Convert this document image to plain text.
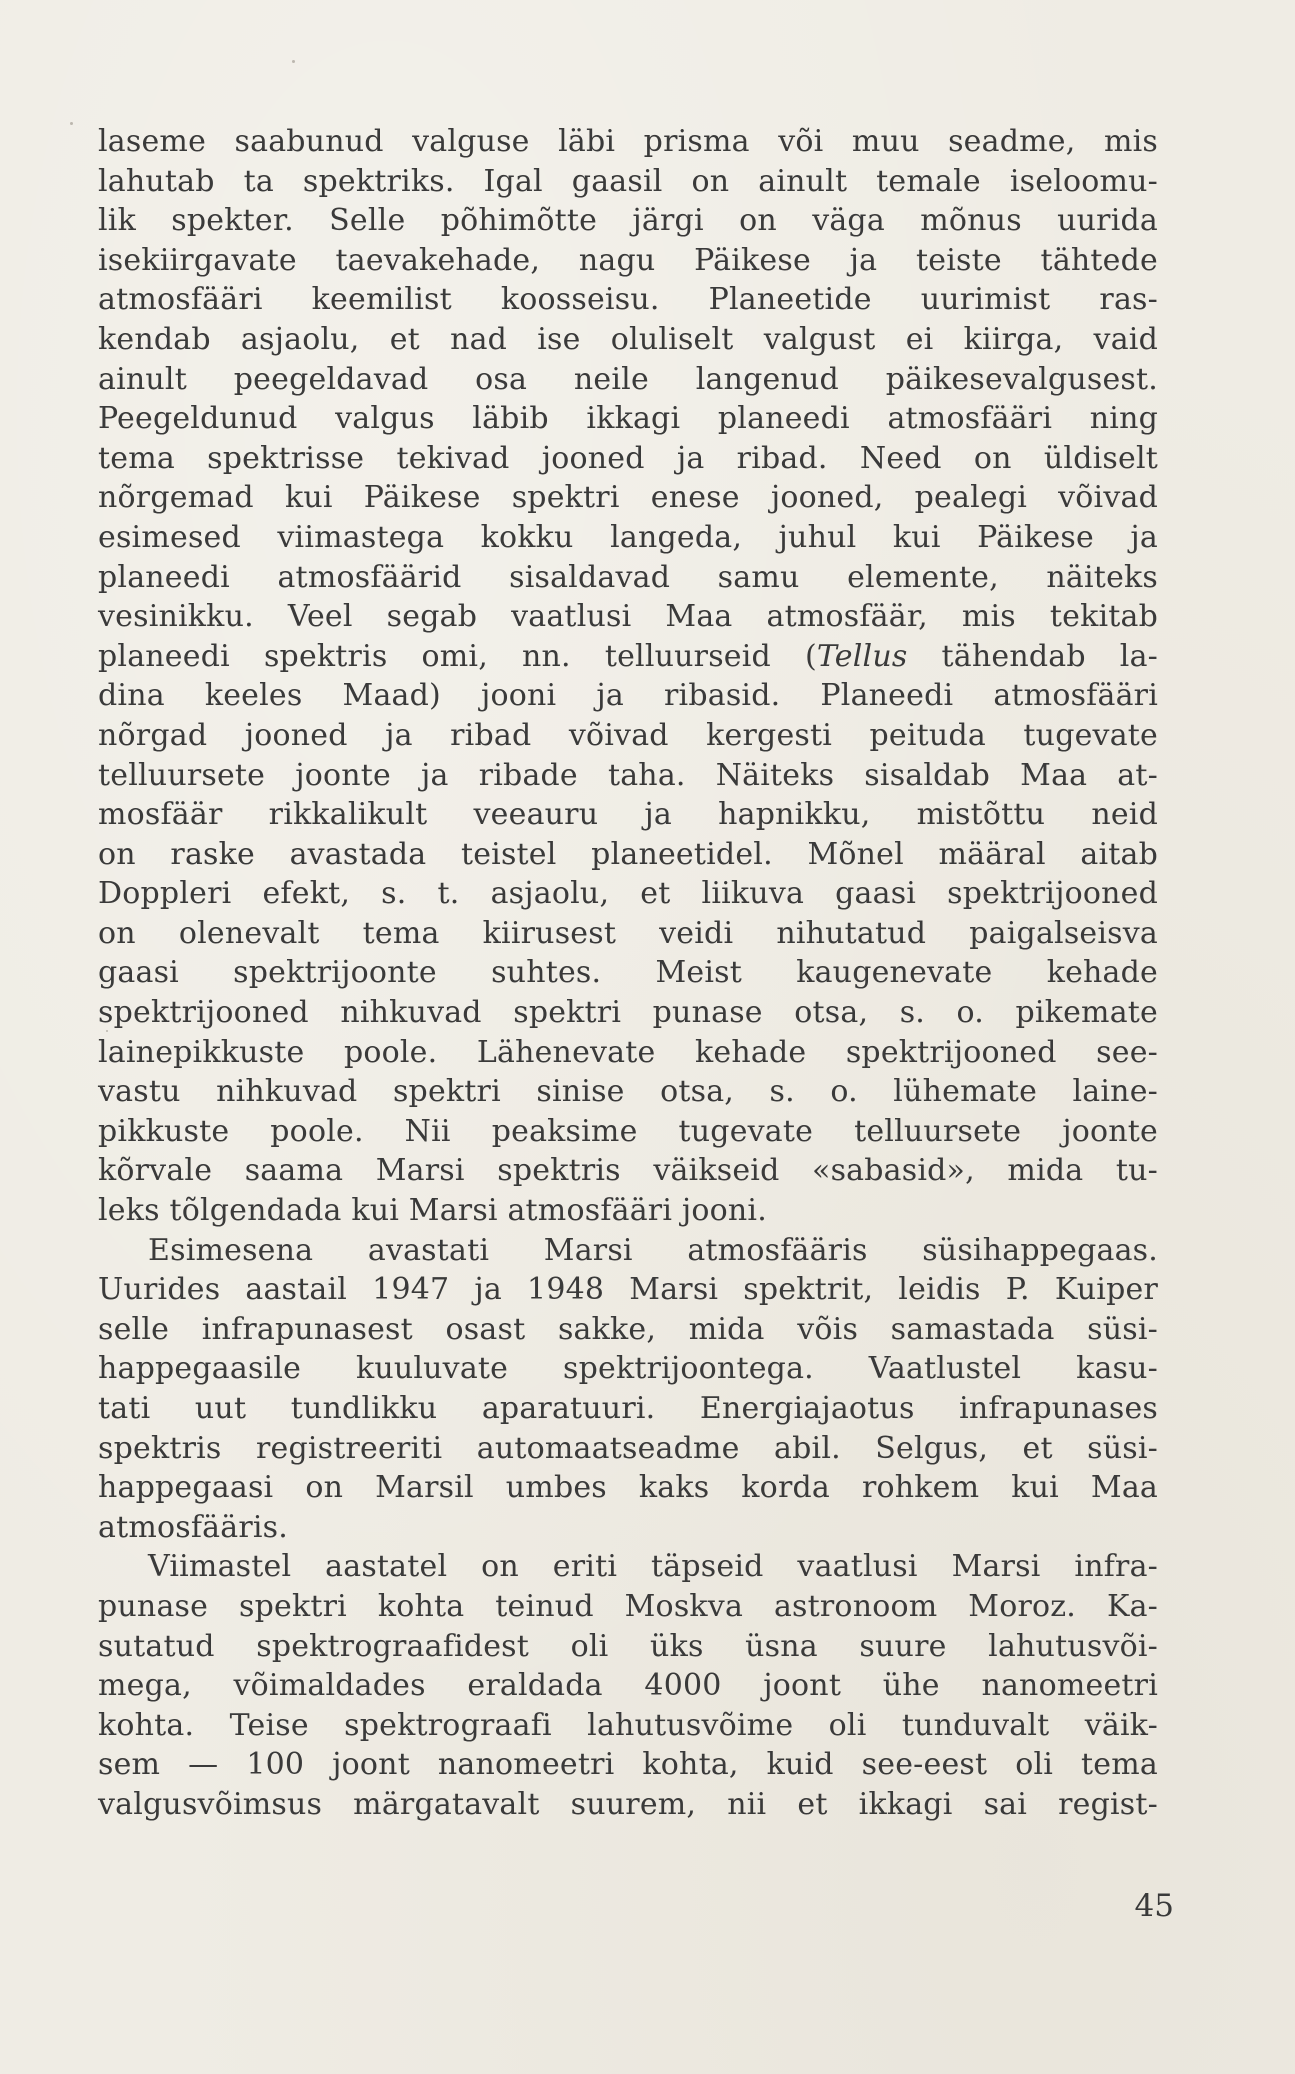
laseme saabunud valguse läbi prisma või muu seadme, mis
lahutab ta spektriks. Igal gaasil on ainult temale iseloomu-
lik spekter. Selle põhimõtte järgi on väga mõnus uurida
isekiirgavate taevakehade, nagu Päikese ja teiste tähtede
atmosfääri keemilist koosseisu. Planeetide uurimist ras-
kendab asjaolu, et nad ise oluliselt valgust ei kiirga, vaid
ainult peegeldavad osa neile langenud päikesevalgusest.
Peegeldunud valgus läbib ikkagi planeedi atmosfääri ning
tema spektrisse tekivad jooned ja ribad. Need on üldiselt
nõrgemad kui Päikese spektri enese jooned, pealegi võivad
esimesed viimastega kokku langeda, juhul kui Päikese ja
planeedi atmosfäärid sisaldavad samu elemente, näiteks
vesinikku. Veel segab vaatlusi Maa atmosfäär, mis tekitab
planeedi spektris omi, nn. telluurseid (Tellus tähendab la-
dina keeles Maad) jooni ja ribasid. Planeedi atmosfääri
nõrgad jooned ja ribad võivad kergesti peituda tugevate
telluursete joonte ja ribade taha. Näiteks sisaldab Maa at-
mosfäär rikkalikult veeauru ja hapnikku, mistõttu neid
on raske avastada teistel planeetidel. Mõnel määral aitab
Doppleri efekt, s. t. asjaolu, et liikuva gaasi spektrijooned
on olenevalt tema kiirusest veidi nihutatud paigalseisva
gaasi spektrijoonte suhtes. Meist kaugenevate kehade
spektrijooned nihkuvad spektri punase otsa, s. o. pikemate
lainepikkuste poole. Lähenevate kehade spektrijooned see-
vastu nihkuvad spektri sinise otsa, s. o. lühemate laine-
pikkuste poole. Nii peaksime tugevate telluursete joonte
kõrvale saama Marsi spektris väikseid «sabasid», mida tu-
leks tõlgendada kui Marsi atmosfääri jooni.
Esimesena avastati Marsi atmosfääris süsihappegaas.
Uurides aastail 1947 ja 1948 Marsi spektrit, leidis P. Kuiper
selle infrapunasest osast sakke, mida võis samastada süsi-
happegaasile kuuluvate spektrijoontega. Vaatlustel kasu-
tati uut tundlikku aparatuuri. Energiajaotus infrapunases
spektris registreeriti automaatseadme abil. Selgus, et süsi-
happegaasi on Marsil umbes kaks korda rohkem kui Maa
atmosfääris.
Viimastel aastatel on eriti täpseid vaatlusi Marsi infra-
punase spektri kohta teinud Moskva astronoom Moroz. Ka-
sutatud spektrograafidest oli üks üsna suure lahutusvõi-
mega, võimaldades eraldada 4000 joont ühe nanomeetri
kohta. Teise spektrograafi lahutusvõime oli tunduvalt väik-
sem — 100 joont nanomeetri kohta, kuid see-eest oli tema
valgusvõimsus märgatavalt suurem, nii et ikkagi sai regist-
45
